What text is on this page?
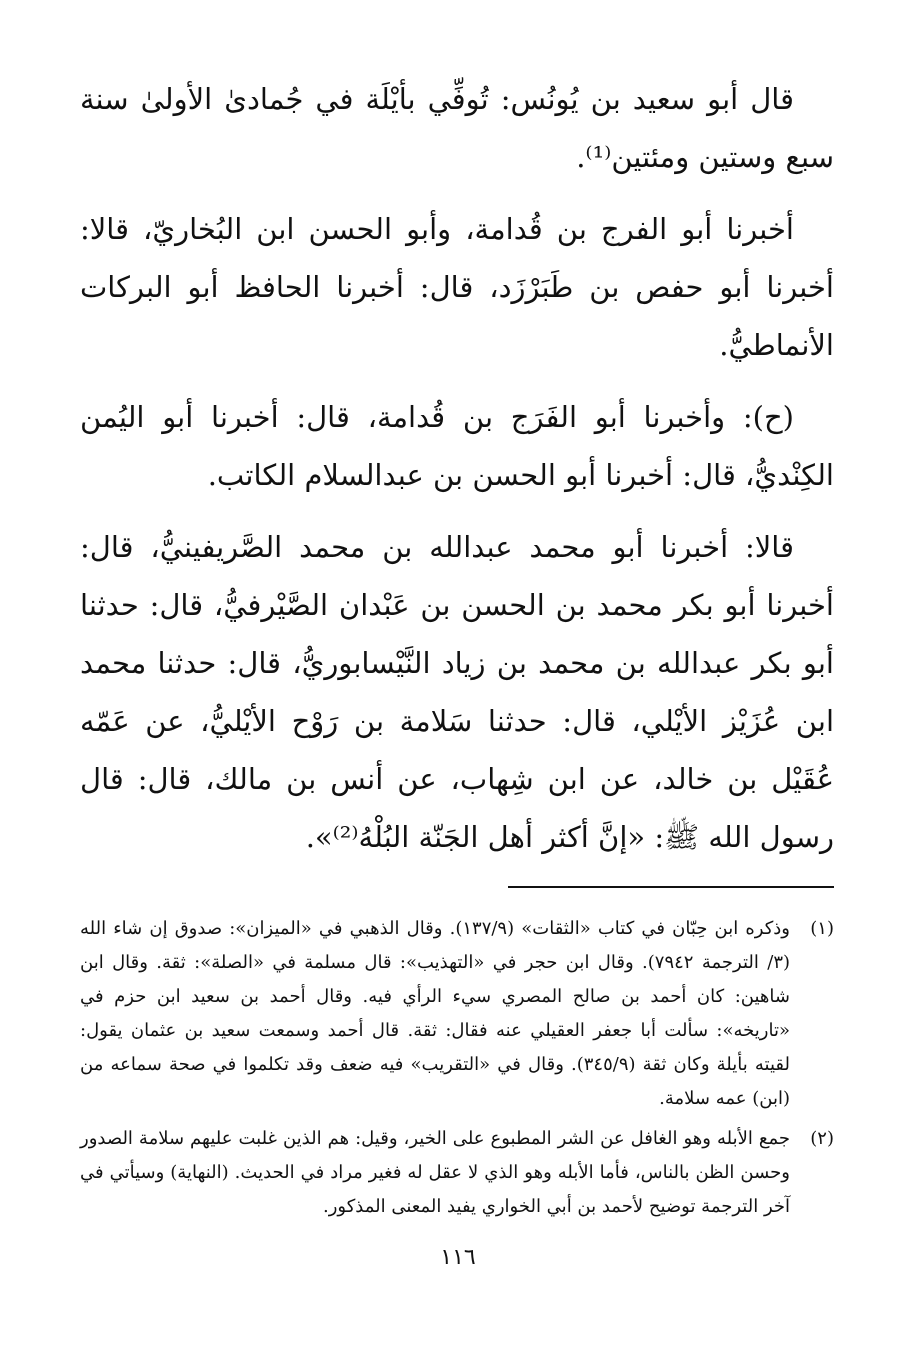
قال أبو سعيد بن يُونُس: تُوفِّي بأيْلَة في جُمادىٰ الأولىٰ سنة سبع وستين ومئتين⁽¹⁾.

أخبرنا أبو الفرج بن قُدامة، وأبو الحسن ابن البُخاريّ، قالا: أخبرنا أبو حفص بن طَبَرْزَد، قال: أخبرنا الحافظ أبو البركات الأنماطيُّ.

(ح): وأخبرنا أبو الفَرَج بن قُدامة، قال: أخبرنا أبو اليُمن الكِنْديُّ، قال: أخبرنا أبو الحسن بن عبدالسلام الكاتب.

قالا: أخبرنا أبو محمد عبدالله بن محمد الصَّريفينيُّ، قال: أخبرنا أبو بكر محمد بن الحسن بن عَبْدان الصَّيْرفيُّ، قال: حدثنا أبو بكر عبدالله بن محمد بن زياد النَّيْسابوريُّ، قال: حدثنا محمد ابن عُزَيْز الأيْلي، قال: حدثنا سَلامة بن رَوْح الأيْليُّ، عن عَمّه عُقَيْل بن خالد، عن ابن شِهاب، عن أنس بن مالك، قال: قال رسول الله ﷺ: «إنَّ أكثر أهل الجَنّة البُلْهُ⁽²⁾».

(١)
وذكره ابن حِبّان في كتاب «الثقات» (١٣٧/٩). وقال الذهبي في «الميزان»: صدوق إن شاء الله (٣/ الترجمة ٧٩٤٢). وقال ابن حجر في «التهذيب»: قال مسلمة في «الصلة»: ثقة. وقال ابن شاهين: كان أحمد بن صالح المصري سيء الرأي فيه. وقال أحمد بن سعيد ابن حزم في «تاريخه»: سألت أبا جعفر العقيلي عنه فقال: ثقة. قال أحمد وسمعت سعيد بن عثمان يقول: لقيته بأيلة وكان ثقة (٣٤٥/٩). وقال في «التقريب» فيه ضعف وقد تكلموا في صحة سماعه من (ابن) عمه سلامة.
(٢)
جمع الأبله وهو الغافل عن الشر المطبوع على الخير، وقيل: هم الذين غلبت عليهم سلامة الصدور وحسن الظن بالناس، فأما الأبله وهو الذي لا عقل له فغير مراد في الحديث. (النهاية) وسيأتي في آخر الترجمة توضيح لأحمد بن أبي الخواري يفيد المعنى المذكور.
١١٦
